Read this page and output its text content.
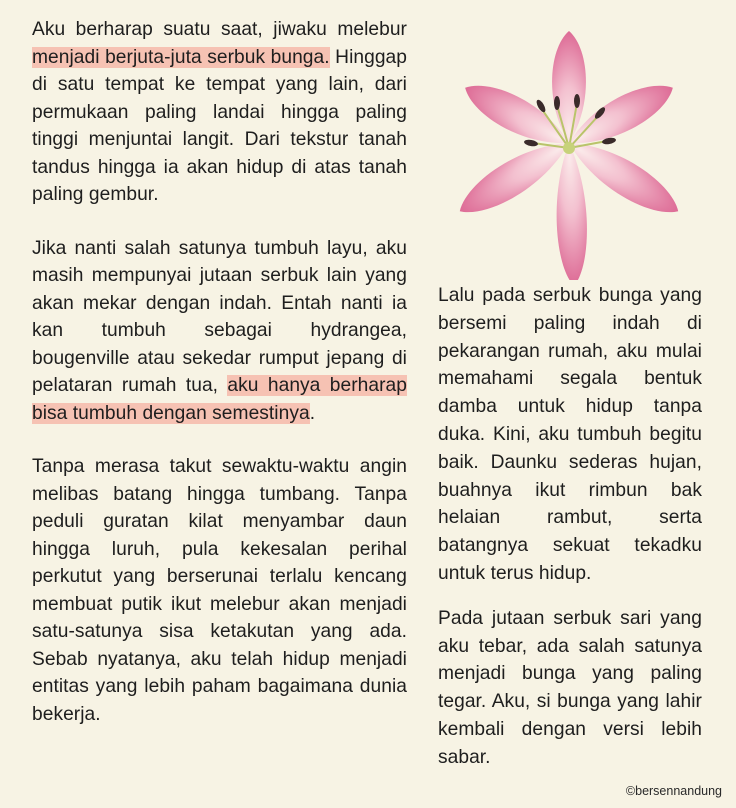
Aku berharap suatu saat, jiwaku melebur menjadi berjuta-juta serbuk bunga. Hinggap di satu tempat ke tempat yang lain, dari permukaan paling landai hingga paling tinggi menjuntai langit. Dari tekstur tanah tandus hingga ia akan hidup di atas tanah paling gembur.

Jika nanti salah satunya tumbuh layu, aku masih mempunyai jutaan serbuk lain yang akan mekar dengan indah. Entah nanti ia kan tumbuh sebagai hydrangea, bougenville atau sekedar rumput jepang di pelataran rumah tua, aku hanya berharap bisa tumbuh dengan semestinya.

Tanpa merasa takut sewaktu-waktu angin melibas batang hingga tumbang. Tanpa peduli guratan kilat menyambar daun hingga luruh, pula kekesalan perihal perkutut yang berserunai terlalu kencang membuat putik ikut melebur akan menjadi satu-satunya sisa ketakutan yang ada. Sebab nyatanya, aku telah hidup menjadi entitas yang lebih paham bagaimana dunia bekerja.

Lalu pada serbuk bunga yang bersemi paling indah di pekarangan rumah, aku mulai memahami segala bentuk damba untuk hidup tanpa duka. Kini, aku tumbuh begitu baik. Daunku sederas hujan, buahnya ikut rimbun bak helaian rambut, serta batangnya sekuat tekadku untuk terus hidup.

Pada jutaan serbuk sari yang aku tebar, ada salah satunya menjadi bunga yang paling tegar. Aku, si bunga yang lahir kembali dengan versi lebih sabar.

©bersennandung
